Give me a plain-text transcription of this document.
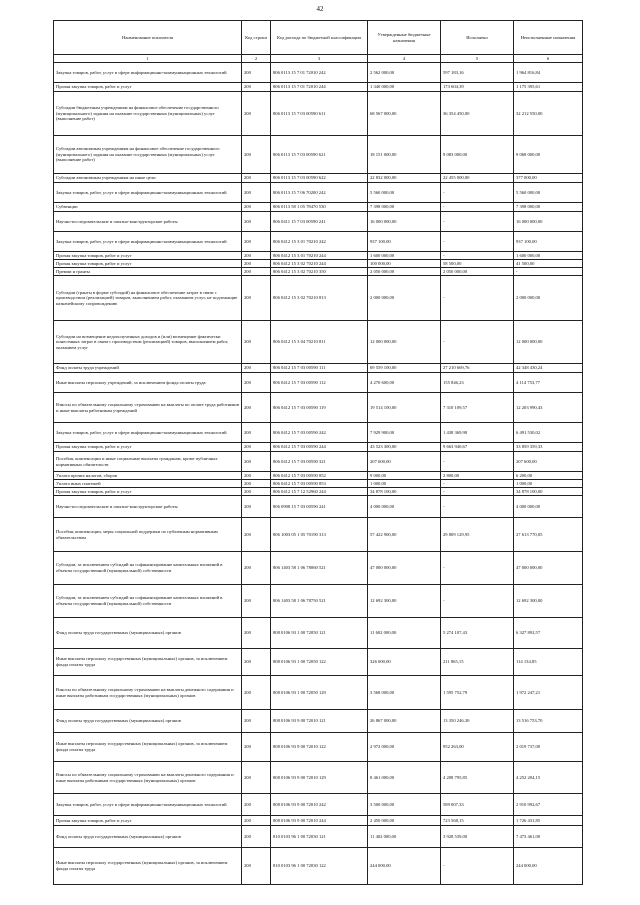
42
Наименование показателя	Код строки	Код расхода по бюджетной классификации	Утвержденные бюджетные назначения	Исполнено	Неисполненные назначения
1	2	3	4	5	6
Закупка товаров, работ, услуг в сфере информационно-коммуникационных технологий	200	806 0113 15 7 01 72010 242	2 562 000,00	597 183,16	1 964 816,84
Прочая закупка товаров, работ и услуг	200	806 0113 15 7 01 72010 244	1 340 000,00	173 604,39	1 175 395,61
Субсидии бюджетным учреждениям на финансовое обеспечение государственного (муниципального) задания на оказание государственных (муниципальных) услуг (выполнение работ)	200	806 0113 15 7 03 00590 611	68 567 000,00	36 354 450,00	32 212 550,00
Субсидии автономным учреждениям на финансовое обеспечение государственного (муниципального) задания на оказание государственных (муниципальных) услуг (выполнение работ)	200	806 0113 15 7 03 00590 621	18 151 000,00	9 083 000,00	9 068 000,00
Субсидии автономным учреждениям на иные цели	200	806 0113 15 7 03 00590 622	22 832 000,00	22 455 000,00	377 000,00
Закупка товаров, работ, услуг в сфере информационно-коммуникационных технологий	200	806 0113 15 7 06 70200 242	5 560 000,00	-	5 560 000,00
Субвенции	200	806 0113 58 1 05 78470 530	7 398 000,00	-	7 398 000,00
Научно-исследовательские и опытно-конструкторские работы	200	806 0411 15 7 03 00590 241	16 000 000,00	-	16 000 000,00
Закупка товаров, работ, услуг в сфере информационно-коммуникационных технологий	200	806 0412 15 3 01 70210 242	937 100,00	-	937 100,00
Прочая закупка товаров, работ и услуг	200	806 0412 15 3 01 70210 244	1 600 000,00	-	1 600 000,00
Прочая закупка товаров, работ и услуг	200	806 0412 15 3 02 70210 244	100 000,00	58 500,00	41 500,00
Премии и гранты	200	806 0412 15 3 02 70210 350	2 050 000,00	2 050 000,00	-
Субсидии (гранты в форме субсидий) на финансовое обеспечение затрат в связи с производством (реализацией) товаров, выполнением работ, оказанием услуг, не подлежащие казначейскому сопровождению	200	806 0412 15 3 02 70210 813	2 000 000,00	-	2 000 000,00
Субсидии на возмещение недополученных доходов и (или) возмещение фактически понесенных затрат в связи с производством (реализацией) товаров, выполнением работ, оказанием услуг	200	806 0412 15 3 04 70210 811	12 000 000,00	-	12 000 000,00
Фонд оплаты труда учреждений	200	806 0412 15 7 03 00590 111	69 559 100,00	27 210 669,76	42 348 430,24
Иные выплаты персоналу учреждений, за исключением фонда оплаты труда	200	806 0412 15 7 03 00590 112	4 270 600,00	155 846,23	4 114 753,77
Взносы по обязательному социальному страхованию на выплаты по оплате труда работников и иные выплаты работникам учреждений	200	806 0412 15 7 03 00590 119	19 514 100,00	7 310 109,57	12 203 990,43
Закупка товаров, работ, услуг в сфере информационно-коммуникационных технологий	200	806 0412 15 7 03 00590 242	7 929 900,00	1 438 369,98	6 491 530,02
Прочая закупка товаров, работ и услуг	200	806 0412 15 7 03 00590 244	43 523 300,00	9 663 940,67	33 859 359,33
Пособия, компенсации и иные социальные выплаты гражданам, кроме публичных нормативных обязательств	200	806 0412 15 7 03 00590 321	207 600,00	-	207 600,00
Уплата прочих налогов, сборов	200	806 0412 15 7 03 00590 852	9 000,00	2 800,00	6 200,00
Уплата иных платежей	200	806 0412 15 7 03 00590 853	1 000,00	-	1 000,00
Прочая закупка товаров, работ и услуг	200	806 0412 15 7 12 52960 244	34 878 100,00	-	34 878 100,00
Научно-исследовательские и опытно-конструкторские работы	200	806 0908 15 7 03 00590 241	4 000 000,00	-	4 000 000,00
Пособия, компенсации, меры социальной поддержки по публичным нормативным обязательствам	200	806 1003 05 1 05 70190 313	57 422 900,00	29 809 129,95	27 613 770,05
Субсидии, за исключением субсидий на софинансирование капитальных вложений в объекты государственной (муниципальной) собственности	200	806 1403 58 1 06 78060 521	47 000 000,00	-	47 000 000,00
Субсидии, за исключением субсидий на софинансирование капитальных вложений в объекты государственной (муниципальной) собственности	200	806 1403 58 1 06 78750 521	12 692 300,00	-	12 692 300,00
Фонд оплаты труда государственных (муниципальных) органов	200	808 0106 93 1 00 72050 121	11 602 000,00	5 274 107,43	6 327 892,57
Иные выплаты персоналу государственных (муниципальных) органов, за исключением фонда оплаты труда	200	808 0106 93 1 00 72050 122	326 000,00	211 865,15	114 134,85
Взносы по обязательному социальному страхованию на выплаты денежного содержания и иные выплаты работникам государственных (муниципальных) органов	200	808 0106 93 1 00 72050 129	3 568 000,00	1 595 752,79	1 972 247,21
Фонд оплаты труда государственных (муниципальных) органов	200	808 0106 93 9 00 72010 121	26 867 000,00	13 350 246,30	13 516 753,70
Иные выплаты персоналу государственных (муниципальных) органов, за исключением фонда оплаты труда	200	808 0106 93 9 00 72010 122	2 972 000,00	952 263,00	2 019 737,00
Взносы по обязательному социальному страхованию на выплаты денежного содержания и иные выплаты работникам государственных (муниципальных) органов	200	808 0106 93 9 00 72010 129	8 461 000,00	4 208 795,85	4 252 204,15
Закупка товаров, работ, услуг в сфере информационно-коммуникационных технологий	200	808 0106 93 9 00 72010 242	3 500 000,00	589 007,33	2 910 992,67
Прочая закупка товаров, работ и услуг	200	808 0106 93 9 00 72010 244	2 450 000,00	723 568,15	1 726 431,85
Фонд оплаты труда государственных (муниципальных) органов	200	810 0103 96 1 00 72030 121	11 402 000,00	3 928 539,00	7 473 461,00
Иные выплаты персоналу государственных (муниципальных) органов, за исключением фонда оплаты труда	200	810 0103 96 1 00 72030 122	244 000,00	-	244 000,00
